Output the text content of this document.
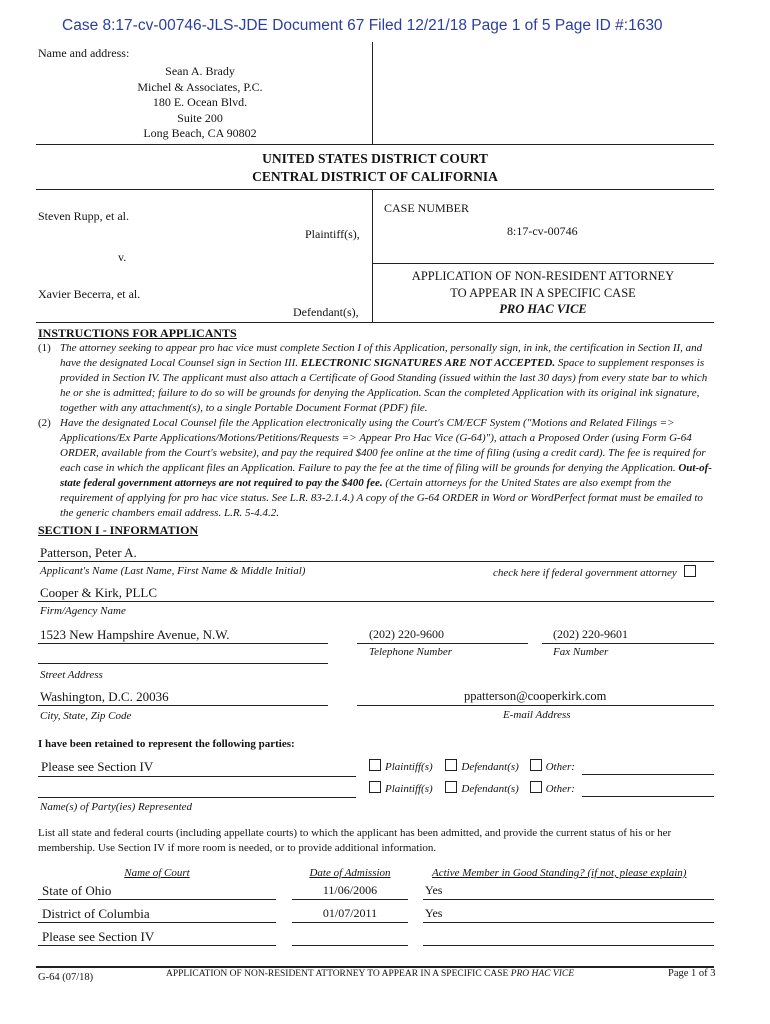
Case 8:17-cv-00746-JLS-JDE Document 67 Filed 12/21/18 Page 1 of 5 Page ID #:1630
Name and address:
Sean A. Brady
Michel & Associates, P.C.
180 E. Ocean Blvd.
Suite 200
Long Beach, CA 90802
UNITED STATES DISTRICT COURT
CENTRAL DISTRICT OF CALIFORNIA
Steven Rupp, et al.
Plaintiff(s),
v.
Xavier Becerra, et al.
Defendant(s),
CASE NUMBER
8:17-cv-00746
APPLICATION OF NON-RESIDENT ATTORNEY
TO APPEAR IN A SPECIFIC CASE
PRO HAC VICE
INSTRUCTIONS FOR APPLICANTS
(1) The attorney seeking to appear pro hac vice must complete Section I of this Application, personally sign, in ink, the certification in Section II, and have the designated Local Counsel sign in Section III. ELECTRONIC SIGNATURES ARE NOT ACCEPTED. Space to supplement responses is provided in Section IV. The applicant must also attach a Certificate of Good Standing (issued within the last 30 days) from every state bar to which he or she is admitted; failure to do so will be grounds for denying the Application. Scan the completed Application with its original ink signature, together with any attachment(s), to a single Portable Document Format (PDF) file.

(2) Have the designated Local Counsel file the Application electronically using the Court's CM/ECF System ("Motions and Related Filings => Applications/Ex Parte Applications/Motions/Petitions/Requests => Appear Pro Hac Vice (G-64)"), attach a Proposed Order (using Form G-64 ORDER, available from the Court's website), and pay the required $400 fee online at the time of filing (using a credit card). The fee is required for each case in which the applicant files an Application. Failure to pay the fee at the time of filing will be grounds for denying the Application. Out-of-state federal government attorneys are not required to pay the $400 fee. (Certain attorneys for the United States are also exempt from the requirement of applying for pro hac vice status. See L.R. 83-2.1.4.) A copy of the G-64 ORDER in Word or WordPerfect format must be emailed to the generic chambers email address. L.R. 5-4.4.2.

SECTION I - INFORMATION
Patterson, Peter A.
Applicant's Name (Last Name, First Name & Middle Initial)	check here if federal government attorney
Cooper & Kirk, PLLC
Firm/Agency Name
1523 New Hampshire Avenue, N.W.
Street Address
(202) 220-9600
Telephone Number
(202) 220-9601
Fax Number
Washington, D.C. 20036
City, State, Zip Code
ppatterson@cooperkirk.com
E-mail Address
I have been retained to represent the following parties:
Please see Section IV
Name(s) of Party(ies) Represented
Plaintiff(s)	Defendant(s) Other:
Plaintiff(s)	Defendant(s) Other:
List all state and federal courts (including appellate courts) to which the applicant has been admitted, and provide the current status of his or her membership. Use Section IV if more room is needed, or to provide additional information.
Name of Court	Date of Admission	Active Member in Good Standing? (if not, please explain)
State of Ohio	11/06/2006	Yes
District of Columbia	01/07/2011	Yes
Please see Section IV
G-64 (07/18)	APPLICATION OF NON-RESIDENT ATTORNEY TO APPEAR IN A SPECIFIC CASE PRO HAC VICE	Page 1 of 3
